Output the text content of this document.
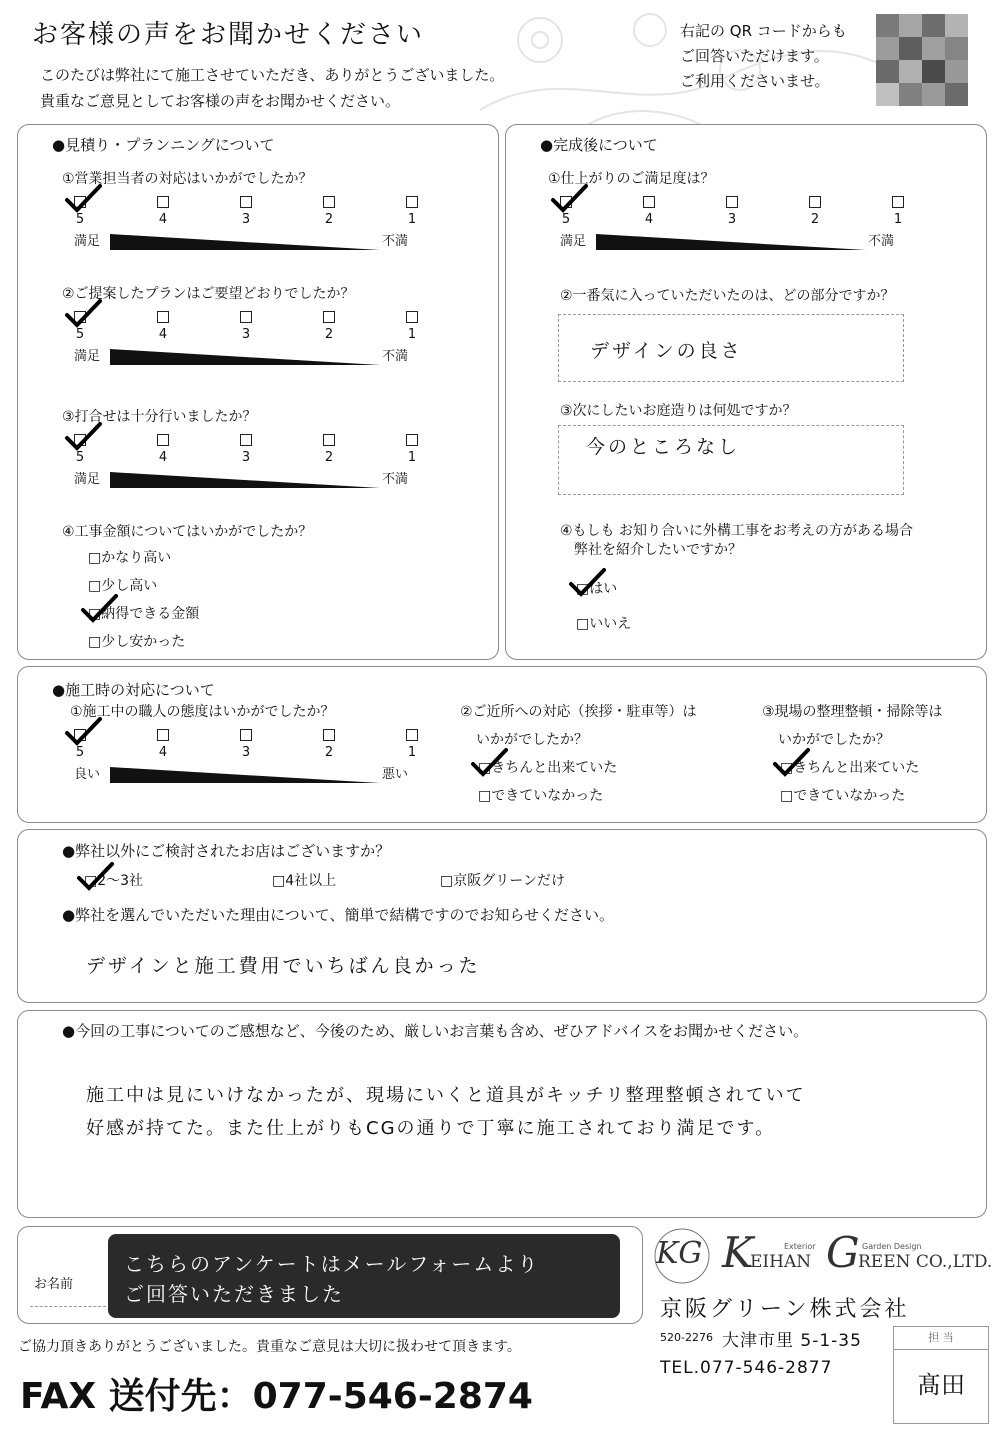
お客様の声をお聞かせください
このたびは弊社にて施工させていただき、ありがとうございました。
貴重なご意見としてお客様の声をお聞かせください。
右記の QR コードからも
ご回答いただけます。
ご利用くださいませ。
●見積り・プランニングについて
①営業担当者の対応はいかがでしたか？
5	4	3	2	1
満足	不満
②ご提案したプランはご要望どおりでしたか？
5	4	3	2	1
満足	不満
③打合せは十分行いましたか？
5	4	3	2	1
満足	不満
④工事金額についてはいかがでしたか？
□かなり高い
□少し高い
□納得できる金額
□少し安かった
●完成後について
①仕上がりのご満足度は？
5	4	3	2	1
満足	不満
②一番気に入っていただいたのは、どの部分ですか？
デザインの良さ
③次にしたいお庭造りは何処ですか？
今のところなし
④もしも お知り合いに外構工事をお考えの方がある場合
弊社を紹介したいですか？
□はい
□いいえ
●施工時の対応について
①施工中の職人の態度はいかがでしたか？
5	4	3	2	1
良い	悪い
②ご近所への対応（挨拶・駐車等）は
いかがでしたか？
□きちんと出来ていた
□できていなかった
③現場の整理整頓・掃除等は
いかがでしたか？
□きちんと出来ていた
□できていなかった
●弊社以外にご検討されたお店はございますか？
□2～3社	□4社以上	□京阪グリーンだけ
●弊社を選んでいただいた理由について、簡単で結構ですのでお知らせください。
デザインと施工費用でいちばん良かった
●今回の工事についてのご感想など、今後のため、厳しいお言葉も含め、ぜひアドバイスをお聞かせください。
施工中は見にいけなかったが、現場にいくと道具がキッチリ整理整頓されていて
好感が持てた。また仕上がりもCGの通りで丁寧に施工されており満足です。
お名前
こちらのアンケートはメールフォームより
ご回答いただきました
KG K
EIHAN G
REEN CO.,LTD.
Exterior	Garden Design
京阪グリーン株式会社
520-2276 大津市里 5-1-35
TEL.077-546-2877
担 当
髙田
ご協力頂きありがとうございました。貴重なご意見は大切に扱わせて頂きます。
FAX 送付先：077-546-2874
